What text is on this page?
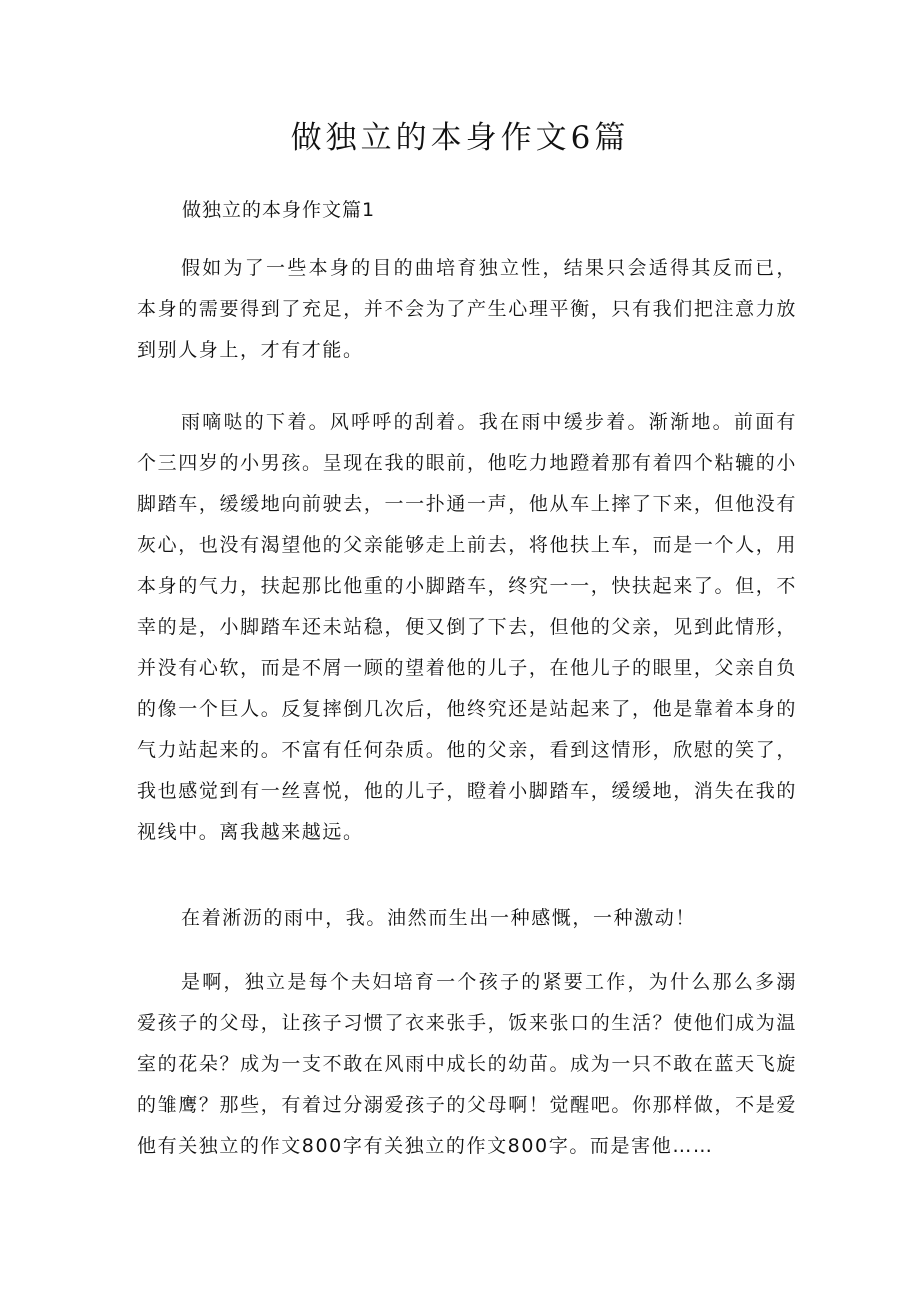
做独立的本身作文6篇

做独立的本身作文篇1

假如为了一些本身的目的曲培育独立性，结果只会适得其反而已，本身的需要得到了充足，并不会为了产生心理平衡，只有我们把注意力放到别人身上，才有才能。

雨嘀哒的下着。风呼呼的刮着。我在雨中缓步着。渐渐地。前面有个三四岁的小男孩。呈现在我的眼前，他吃力地蹬着那有着四个粘辘的小脚踏车，缓缓地向前驶去，一一扑通一声，他从车上摔了下来，但他没有灰心，也没有渴望他的父亲能够走上前去，将他扶上车，而是一个人，用本身的气力，扶起那比他重的小脚踏车，终究一一，快扶起来了。但，不幸的是，小脚踏车还未站稳，便又倒了下去，但他的父亲，见到此情形，并没有心软，而是不屑一顾的望着他的儿子，在他儿子的眼里，父亲自负的像一个巨人。反复摔倒几次后，他终究还是站起来了，他是靠着本身的气力站起来的。不富有任何杂质。他的父亲，看到这情形，欣慰的笑了，我也感觉到有一丝喜悦，他的儿子，瞪着小脚踏车，缓缓地，消失在我的视线中。离我越来越远。

在着淅沥的雨中，我。油然而生出一种感慨，一种激动！

是啊，独立是每个夫妇培育一个孩子的紧要工作，为什么那么多溺爱孩子的父母，让孩子习惯了衣来张手，饭来张口的生活？使他们成为温室的花朵？成为一支不敢在风雨中成长的幼苗。成为一只不敢在蓝天飞旋的雏鹰？那些，有着过分溺爱孩子的父母啊！觉醒吧。你那样做，不是爱他有关独立的作文800字有关独立的作文800字。而是害他……
